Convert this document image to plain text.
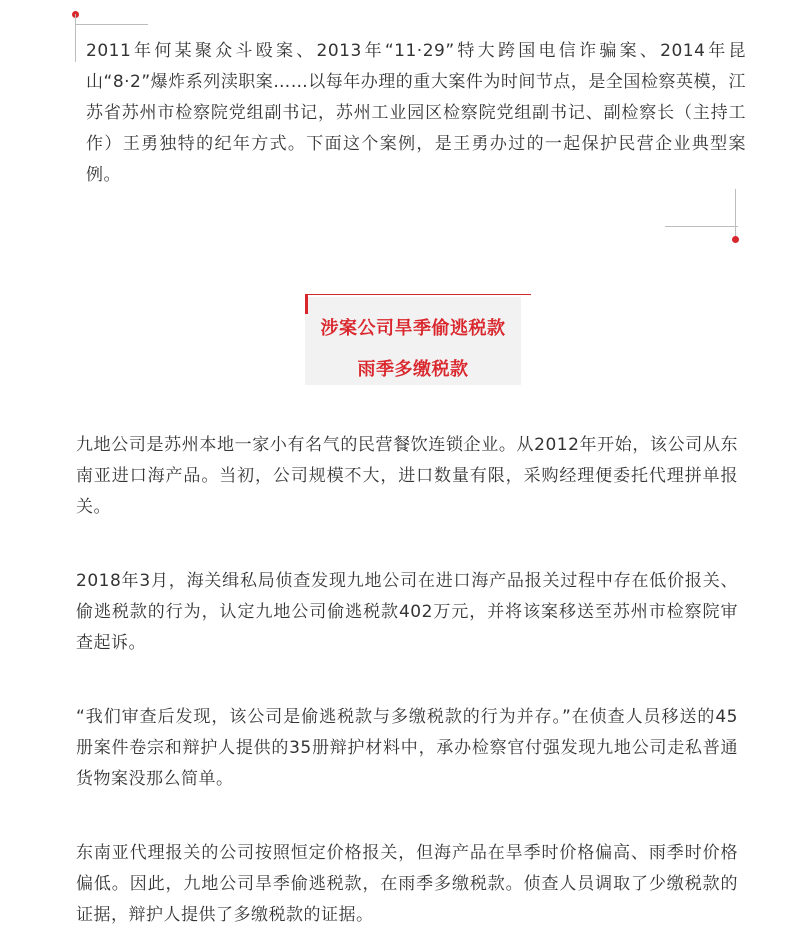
2011年何某聚众斗殴案、2013年“11·29”特大跨国电信诈骗案、2014年昆山“8·2”爆炸系列渎职案……以每年办理的重大案件为时间节点，是全国检察英模，江苏省苏州市检察院党组副书记，苏州工业园区检察院党组副书记、副检察长（主持工作）王勇独特的纪年方式。下面这个案例，是王勇办过的一起保护民营企业典型案例。

涉案公司旱季偷逃税款
雨季多缴税款

九地公司是苏州本地一家小有名气的民营餐饮连锁企业。从2012年开始，该公司从东南亚进口海产品。当初，公司规模不大，进口数量有限，采购经理便委托代理拼单报关。

2018年3月，海关缉私局侦查发现九地公司在进口海产品报关过程中存在低价报关、偷逃税款的行为，认定九地公司偷逃税款402万元，并将该案移送至苏州市检察院审查起诉。

“我们审查后发现，该公司是偷逃税款与多缴税款的行为并存。”在侦查人员移送的45册案件卷宗和辩护人提供的35册辩护材料中，承办检察官付强发现九地公司走私普通货物案没那么简单。

东南亚代理报关的公司按照恒定价格报关，但海产品在旱季时价格偏高、雨季时价格偏低。因此，九地公司旱季偷逃税款，在雨季多缴税款。侦查人员调取了少缴税款的证据，辩护人提供了多缴税款的证据。
